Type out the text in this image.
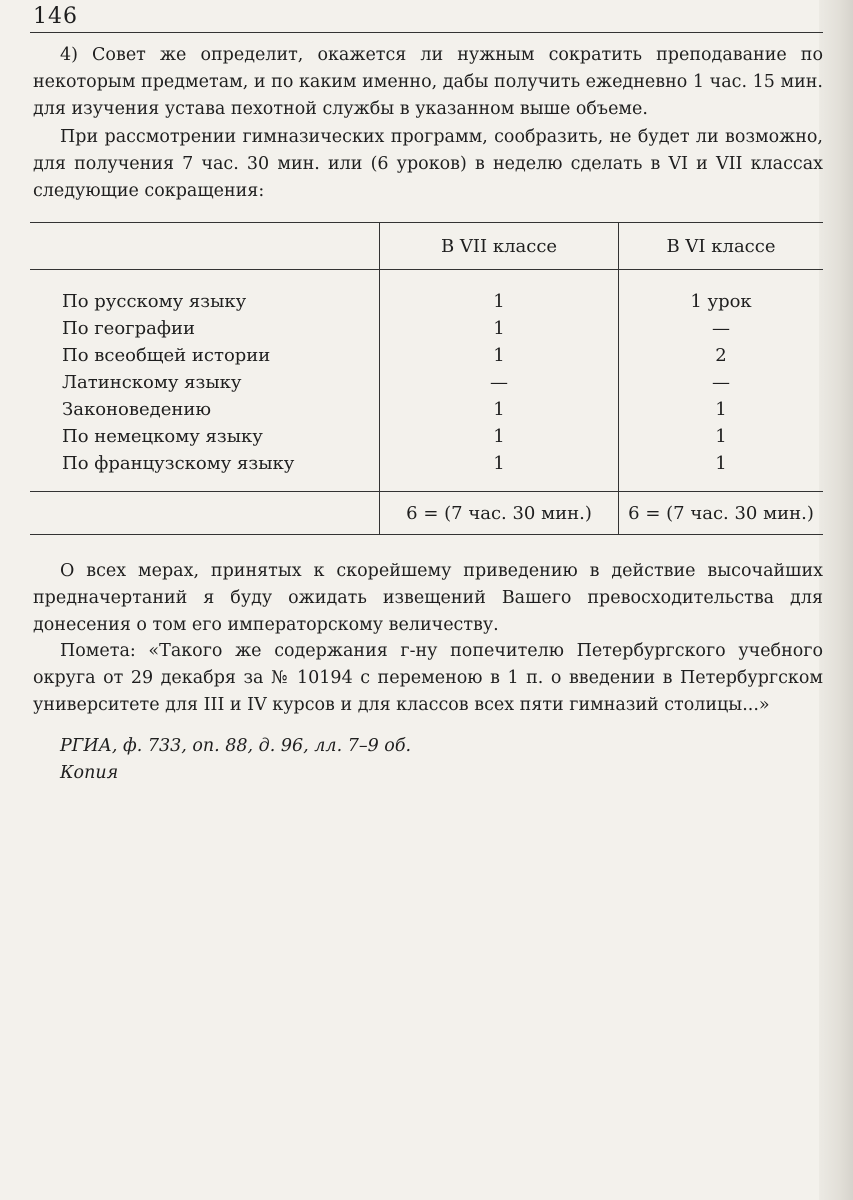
146

4) Совет же определит, окажется ли нужным сократить преподавание по некоторым предметам, и по каким именно, дабы получить ежедневно 1 час. 15 мин. для изучения устава пехотной службы в указанном выше объеме.

При рассмотрении гимназических программ, сообразить, не будет ли возможно, для получения 7 час. 30 мин. или (6 уроков) в неделю сделать в VI и VII классах следующие сокращения:

	В VII классе	В VI классе
По русскому языку	1	1 урок
По географии	1	—
По всеобщей истории	1	2
Латинскому языку	—	—
Законоведению	1	1
По немецкому языку	1	1
По французскому языку	1	1
	6 = (7 час. 30 мин.)	6 = (7 час. 30 мин.)

О всех мерах, принятых к скорейшему приведению в действие высочайших предначертаний я буду ожидать извещений Вашего превосходительства для донесения о том его императорскому величеству.

Помета: «Такого же содержания г-ну попечителю Петербургского учебного округа от 29 декабря за № 10194 с переменою в 1 п. о введении в Петербургском университете для III и IV курсов и для классов всех пяти гимназий столицы...»

РГИА, ф. 733, оп. 88, д. 96, лл. 7–9 об.
Копия
